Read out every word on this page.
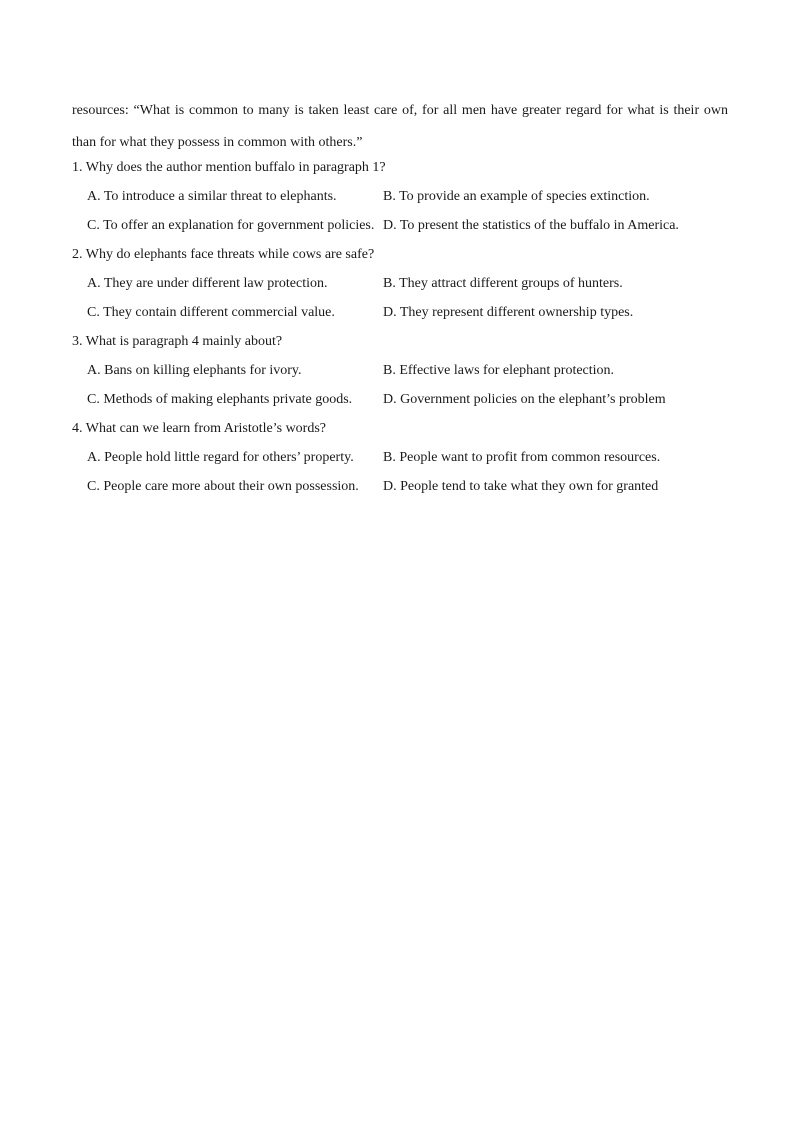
resources: “What is common to many is taken least care of, for all men have greater regard for what is their own
than for what they possess in common with others.”
1. Why does the author mention buffalo in paragraph 1?
A. To introduce a similar threat to elephants.	B. To provide an example of species extinction.
C. To offer an explanation for government policies. D. To present the statistics of the buffalo in America.
2. Why do elephants face threats while cows are safe?
A. They are under different law protection.	B. They attract different groups of hunters.
C. They contain different commercial value.	D. They represent different ownership types.
3. What is paragraph 4 mainly about?
A. Bans on killing elephants for ivory.	B. Effective laws for elephant protection.
C. Methods of making elephants private goods. D. Government policies on the elephant’s problem
4. What can we learn from Aristotle’s words?
A. People hold little regard for others’ property. B. People want to profit from common resources.
C. People care more about their own possession. D. People tend to take what they own for granted
